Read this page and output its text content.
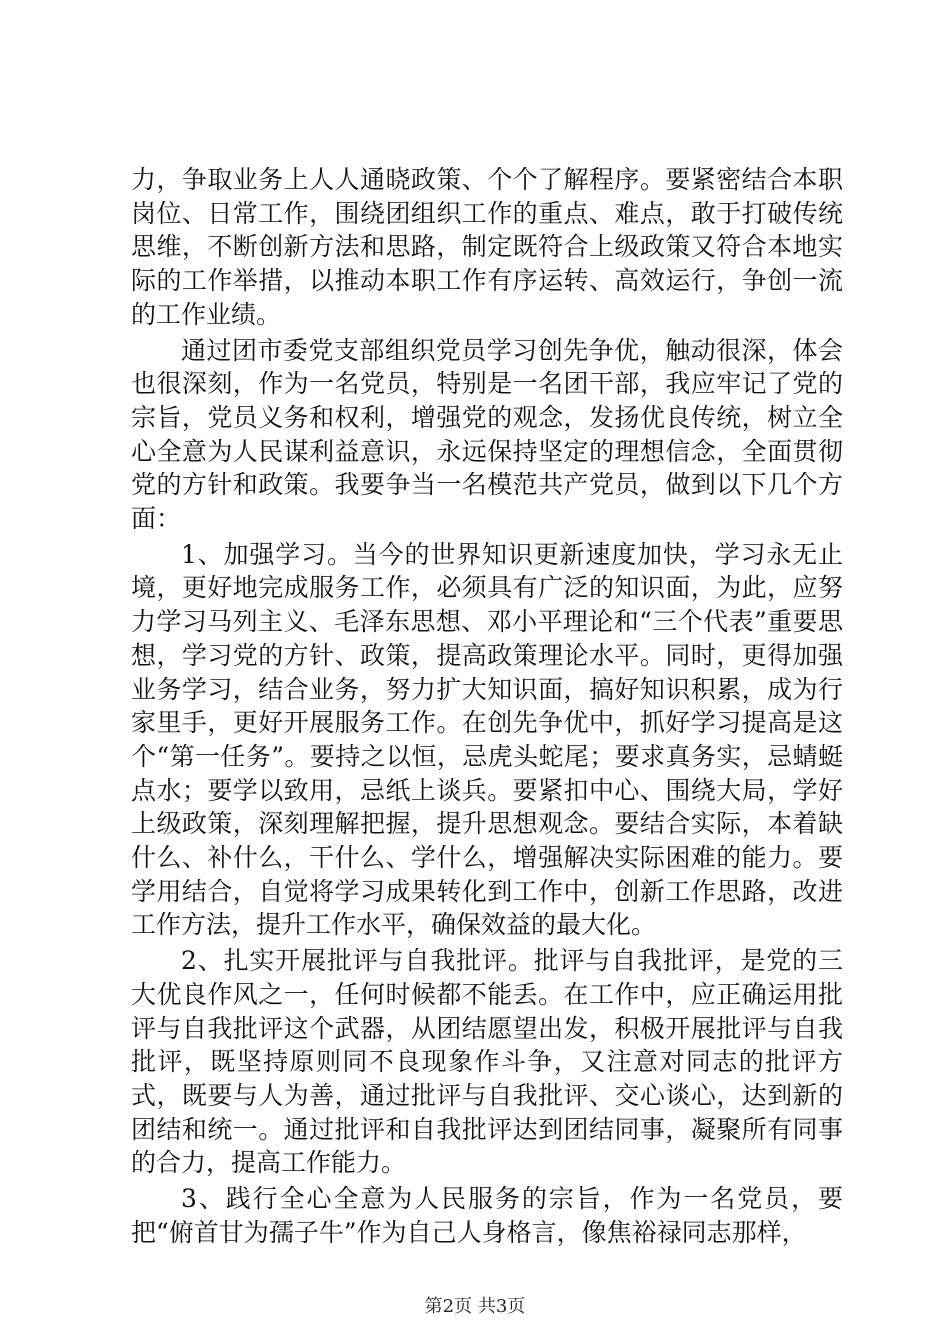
力，争取业务上人人通晓政策、个个了解程序。要紧密结合本职岗位、日常工作，围绕团组织工作的重点、难点，敢于打破传统思维，不断创新方法和思路，制定既符合上级政策又符合本地实际的工作举措，以推动本职工作有序运转、高效运行，争创一流的工作业绩。

通过团市委党支部组织党员学习创先争优，触动很深，体会也很深刻，作为一名党员，特别是一名团干部，我应牢记了党的宗旨，党员义务和权利，增强党的观念，发扬优良传统，树立全心全意为人民谋利益意识，永远保持坚定的理想信念，全面贯彻党的方针和政策。我要争当一名模范共产党员，做到以下几个方面：

1、加强学习。当今的世界知识更新速度加快，学习永无止境，更好地完成服务工作，必须具有广泛的知识面，为此，应努力学习马列主义、毛泽东思想、邓小平理论和“三个代表”重要思想，学习党的方针、政策，提高政策理论水平。同时，更得加强业务学习，结合业务，努力扩大知识面，搞好知识积累，成为行家里手，更好开展服务工作。在创先争优中，抓好学习提高是这个“第一任务”。要持之以恒，忌虎头蛇尾；要求真务实，忌蜻蜓点水；要学以致用，忌纸上谈兵。要紧扣中心、围绕大局，学好上级政策，深刻理解把握，提升思想观念。要结合实际，本着缺什么、补什么，干什么、学什么，增强解决实际困难的能力。要学用结合，自觉将学习成果转化到工作中，创新工作思路，改进工作方法，提升工作水平，确保效益的最大化。

2、扎实开展批评与自我批评。批评与自我批评，是党的三大优良作风之一，任何时候都不能丢。在工作中，应正确运用批评与自我批评这个武器，从团结愿望出发，积极开展批评与自我批评，既坚持原则同不良现象作斗争，又注意对同志的批评方式，既要与人为善，通过批评与自我批评、交心谈心，达到新的团结和统一。通过批评和自我批评达到团结同事，凝聚所有同事的合力，提高工作能力。

3、践行全心全意为人民服务的宗旨，作为一名党员，要把“俯首甘为孺子牛”作为自己人身格言，像焦裕禄同志那样，

第2页 共3页
